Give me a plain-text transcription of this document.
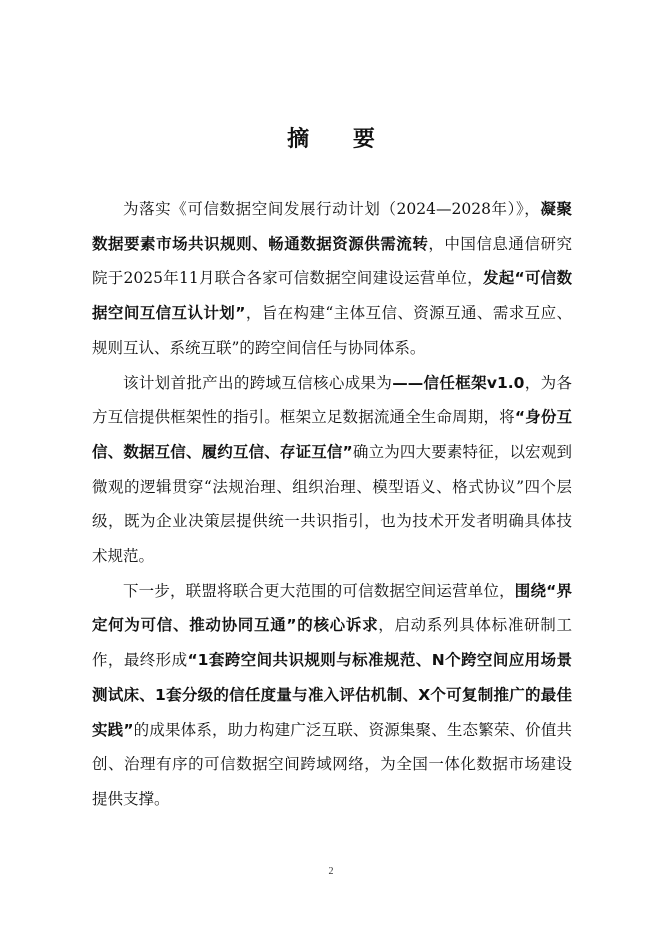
摘 要

为落实《可信数据空间发展行动计划（2024—2028年）》，凝聚数据要素市场共识规则、畅通数据资源供需流转，中国信息通信研究院于2025年11月联合各家可信数据空间建设运营单位，发起“可信数据空间互信互认计划”，旨在构建“主体互信、资源互通、需求互应、规则互认、系统互联”的跨空间信任与协同体系。

该计划首批产出的跨域互信核心成果为——信任框架v1.0，为各方互信提供框架性的指引。框架立足数据流通全生命周期，将“身份互信、数据互信、履约互信、存证互信”确立为四大要素特征，以宏观到微观的逻辑贯穿“法规治理、组织治理、模型语义、格式协议”四个层级，既为企业决策层提供统一共识指引，也为技术开发者明确具体技术规范。

下一步，联盟将联合更大范围的可信数据空间运营单位，围绕“界定何为可信、推动协同互通”的核心诉求，启动系列具体标准研制工作，最终形成“1套跨空间共识规则与标准规范、N个跨空间应用场景测试床、1套分级的信任度量与准入评估机制、X个可复制推广的最佳实践”的成果体系，助力构建广泛互联、资源集聚、生态繁荣、价值共创、治理有序的可信数据空间跨域网络，为全国一体化数据市场建设提供支撑。

2
